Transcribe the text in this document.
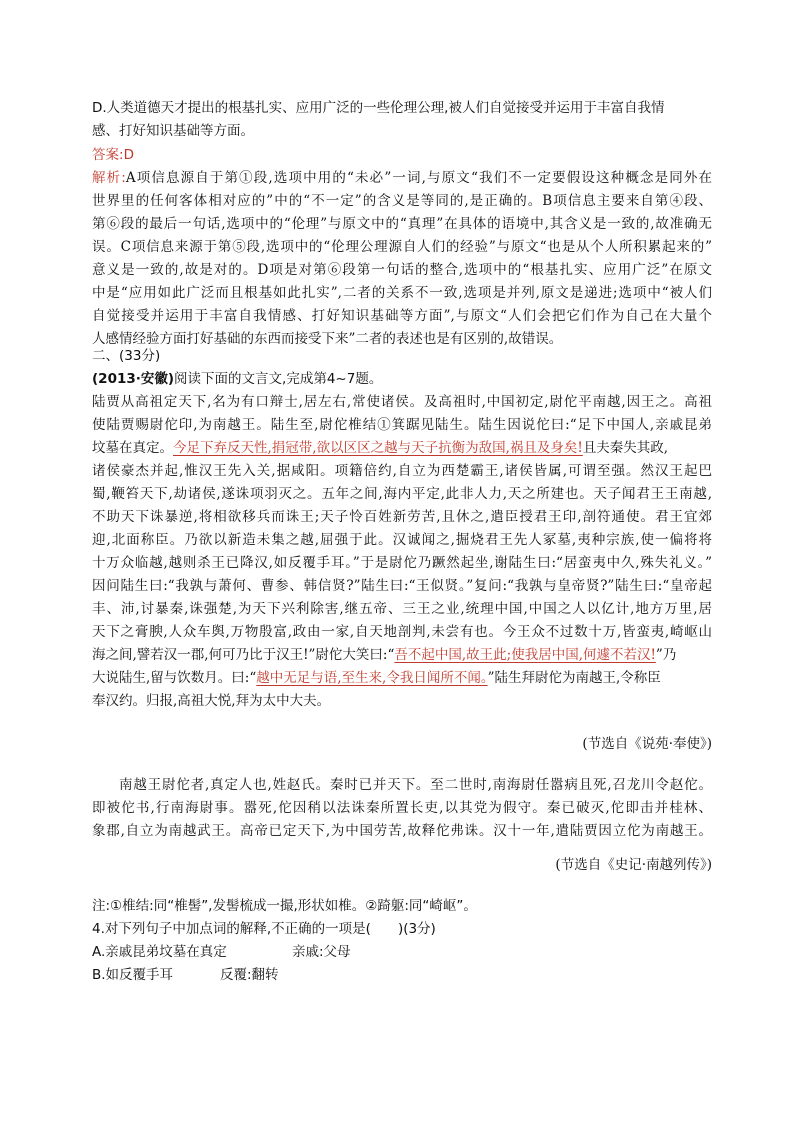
D.人类道德天才提出的根基扎实、应用广泛的一些伦理公理,被人们自觉接受并运用于丰富自我情
感、打好知识基础等方面。
答案:D
解析:A项信息源自于第①段,选项中用的“未必”一词,与原文“我们不一定要假设这种概念是同外在
世界里的任何客体相对应的”中的“不一定”的含义是等同的,是正确的。B项信息主要来自第④段、
第⑥段的最后一句话,选项中的“伦理”与原文中的“真理”在具体的语境中,其含义是一致的,故准确无
误。C项信息来源于第⑤段,选项中的“伦理公理源自人们的经验”与原文“也是从个人所积累起来的”
意义是一致的,故是对的。D项是对第⑥段第一句话的整合,选项中的“根基扎实、应用广泛”在原文
中是“应用如此广泛而且根基如此扎实”,二者的关系不一致,选项是并列,原文是递进;选项中“被人们
自觉接受并运用于丰富自我情感、打好知识基础等方面”,与原文“人们会把它们作为自己在大量个
人感情经验方面打好基础的东西而接受下来”二者的表述也是有区别的,故错误。
二、(33分)
(2013·安徽)阅读下面的文言文,完成第4~7题。
陆贾从高祖定天下,名为有口辩士,居左右,常使诸侯。及高祖时,中国初定,尉佗平南越,因王之。高祖
使陆贾赐尉佗印,为南越王。陆生至,尉佗椎结①箕踞见陆生。陆生因说佗曰:“足下中国人,亲戚昆弟
坟墓在真定。今足下弃反天性,捐冠带,欲以区区之越与天子抗衡为敌国,祸且及身矣!且夫秦失其政,
诸侯豪杰并起,惟汉王先入关,据咸阳。项籍倍约,自立为西楚霸王,诸侯皆属,可谓至强。然汉王起巴
蜀,鞭笞天下,劫诸侯,遂诛项羽灭之。五年之间,海内平定,此非人力,天之所建也。天子闻君王王南越,
不助天下诛暴逆,将相欲移兵而诛王;天子怜百姓新劳苦,且休之,遣臣授君王印,剖符通使。君王宜郊
迎,北面称臣。乃欲以新造未集之越,屈强于此。汉诚闻之,掘烧君王先人冢墓,夷种宗族,使一偏将将
十万众临越,越则杀王已降汉,如反覆手耳。”于是尉佗乃蹶然起坐,谢陆生曰:“居蛮夷中久,殊失礼义。”
因问陆生曰:“我孰与萧何、曹参、韩信贤?”陆生曰:“王似贤。”复问:“我孰与皇帝贤?”陆生曰:“皇帝起
丰、沛,讨暴秦,诛强楚,为天下兴利除害,继五帝、三王之业,统理中国,中国之人以亿计,地方万里,居
天下之膏腴,人众车舆,万物殷富,政由一家,自天地剖判,未尝有也。今王众不过数十万,皆蛮夷,崎岖山
海之间,譬若汉一郡,何可乃比于汉王!”尉佗大笑曰:“吾不起中国,故王此;使我居中国,何遽不若汉!”乃
大说陆生,留与饮数月。曰:“越中无足与语,至生来,令我日闻所不闻。”陆生拜尉佗为南越王,令称臣
奉汉约。归报,高祖大悦,拜为太中大夫。
(节选自《说苑·奉使》)
南越王尉佗者,真定人也,姓赵氏。秦时已并天下。至二世时,南海尉任嚣病且死,召龙川令赵佗。
即被佗书,行南海尉事。嚣死,佗因稍以法诛秦所置长吏,以其党为假守。秦已破灭,佗即击并桂林、
象郡,自立为南越武王。高帝已定天下,为中国劳苦,故释佗弗诛。汉十一年,遣陆贾因立佗为南越王。
(节选自《史记·南越列传》)
注:①椎结:同“椎髻”,发髻梳成一撮,形状如椎。②踦躯:同“崎岖”。
4.对下列句子中加点词的解释,不正确的一项是(　　)(3分)
A.亲戚昆弟坟墓在真定	亲戚:父母
B.如反覆手耳	反覆:翻转
